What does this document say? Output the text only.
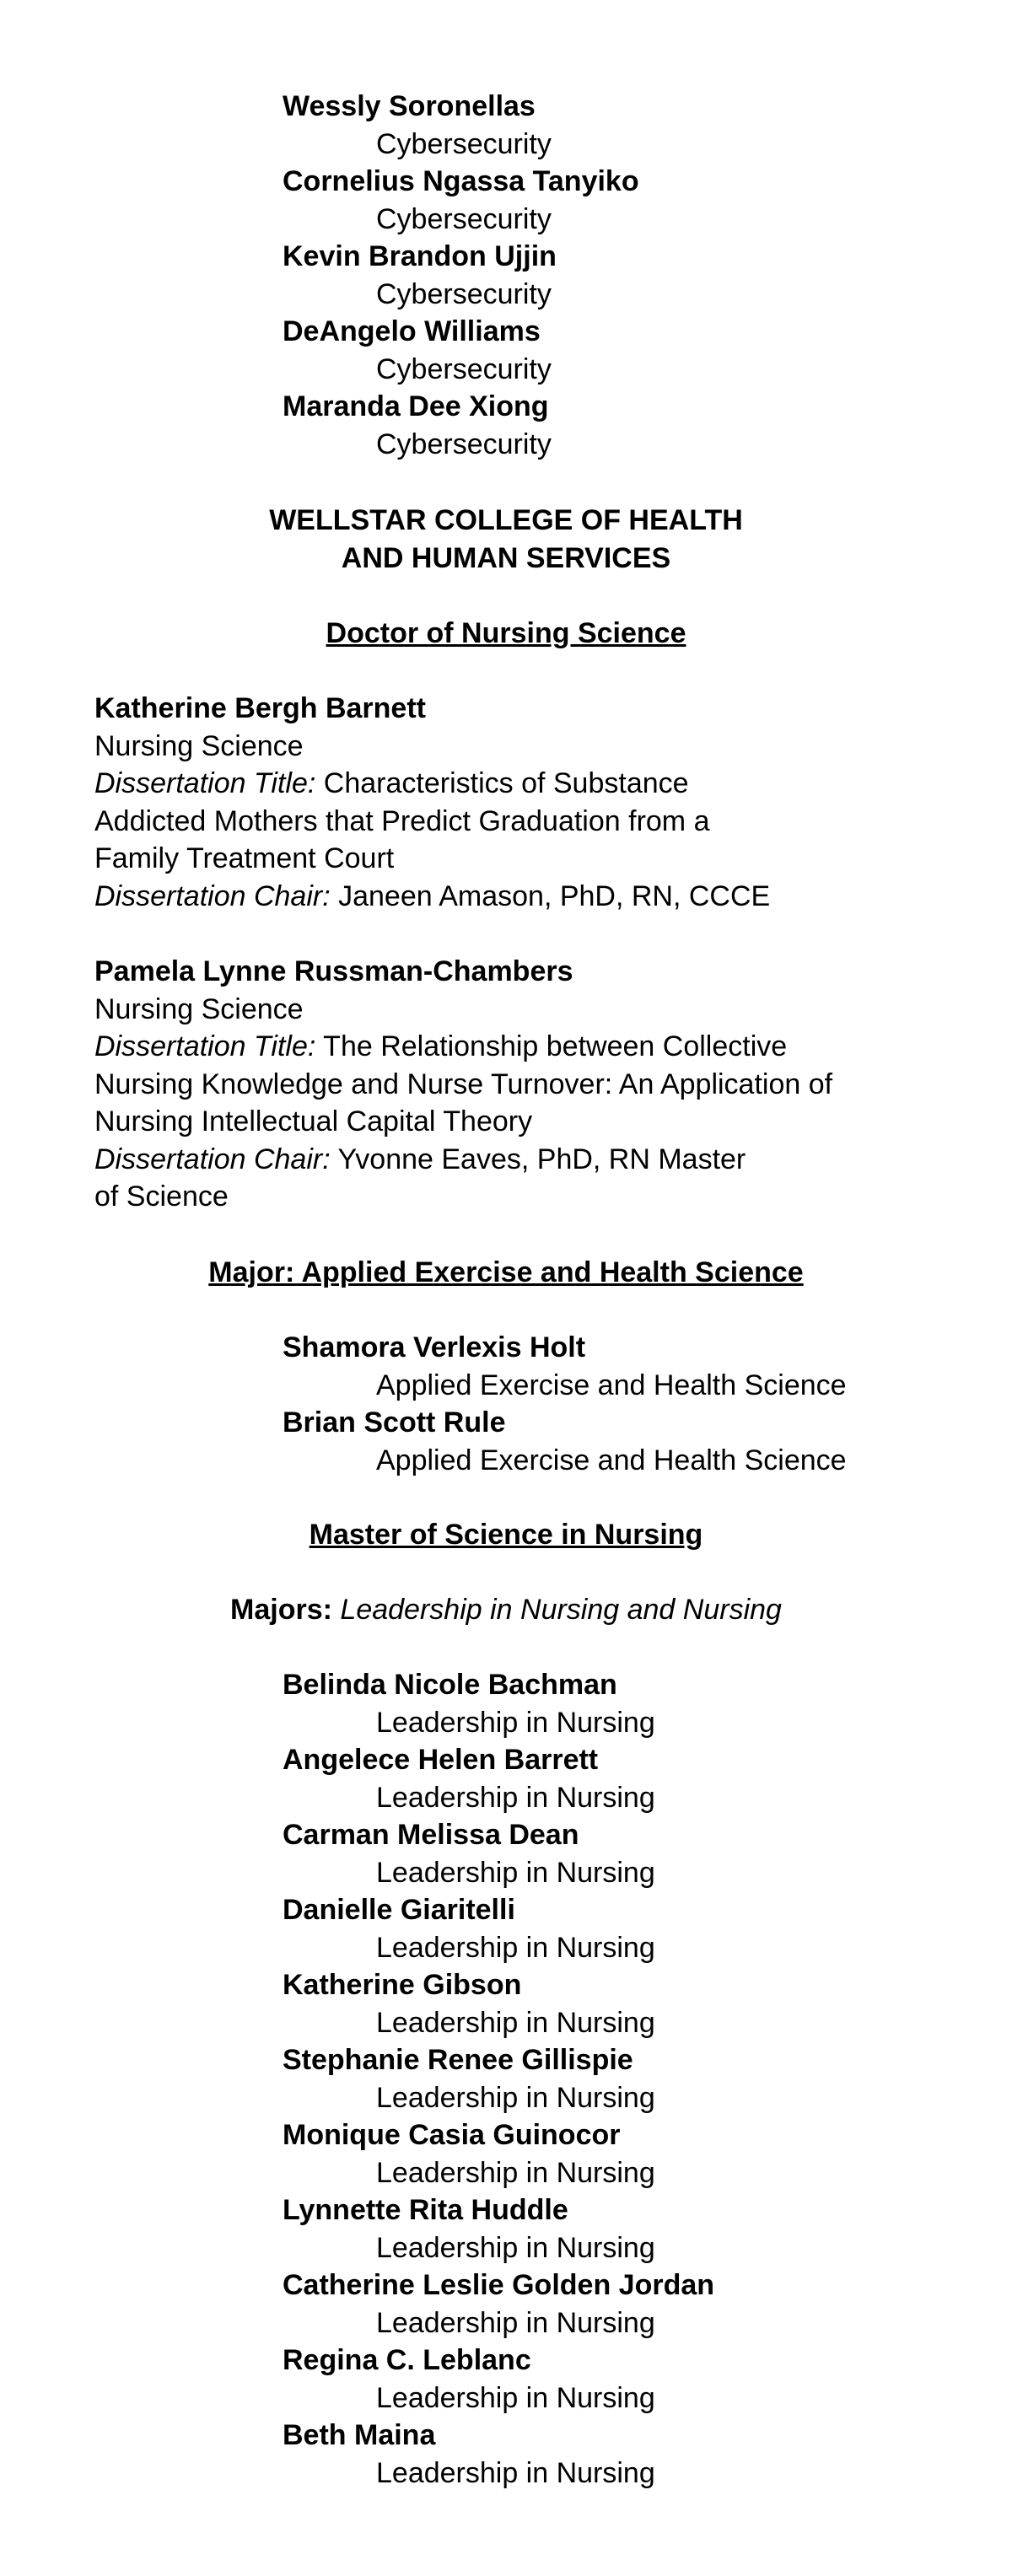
Wessly Soronellas
Cybersecurity
Cornelius Ngassa Tanyiko
Cybersecurity
Kevin Brandon Ujjin
Cybersecurity
DeAngelo Williams
Cybersecurity
Maranda Dee Xiong
Cybersecurity
WELLSTAR COLLEGE OF HEALTH
AND HUMAN SERVICES
Doctor of Nursing Science
Katherine Bergh Barnett
Nursing Science
Dissertation Title: Characteristics of Substance
Addicted Mothers that Predict Graduation from a
Family Treatment Court
Dissertation Chair: Janeen Amason, PhD, RN, CCCE
Pamela Lynne Russman-Chambers
Nursing Science
Dissertation Title: The Relationship between Collective
Nursing Knowledge and Nurse Turnover: An Application of
Nursing Intellectual Capital Theory
Dissertation Chair: Yvonne Eaves, PhD, RN Master
of Science
Major: Applied Exercise and Health Science
Shamora Verlexis Holt
Applied Exercise and Health Science
Brian Scott Rule
Applied Exercise and Health Science
Master of Science in Nursing
Majors: Leadership in Nursing and Nursing
Belinda Nicole Bachman
Leadership in Nursing
Angelece Helen Barrett
Leadership in Nursing
Carman Melissa Dean
Leadership in Nursing
Danielle Giaritelli
Leadership in Nursing
Katherine Gibson
Leadership in Nursing
Stephanie Renee Gillispie
Leadership in Nursing
Monique Casia Guinocor
Leadership in Nursing
Lynnette Rita Huddle
Leadership in Nursing
Catherine Leslie Golden Jordan
Leadership in Nursing
Regina C. Leblanc
Leadership in Nursing
Beth Maina
Leadership in Nursing
